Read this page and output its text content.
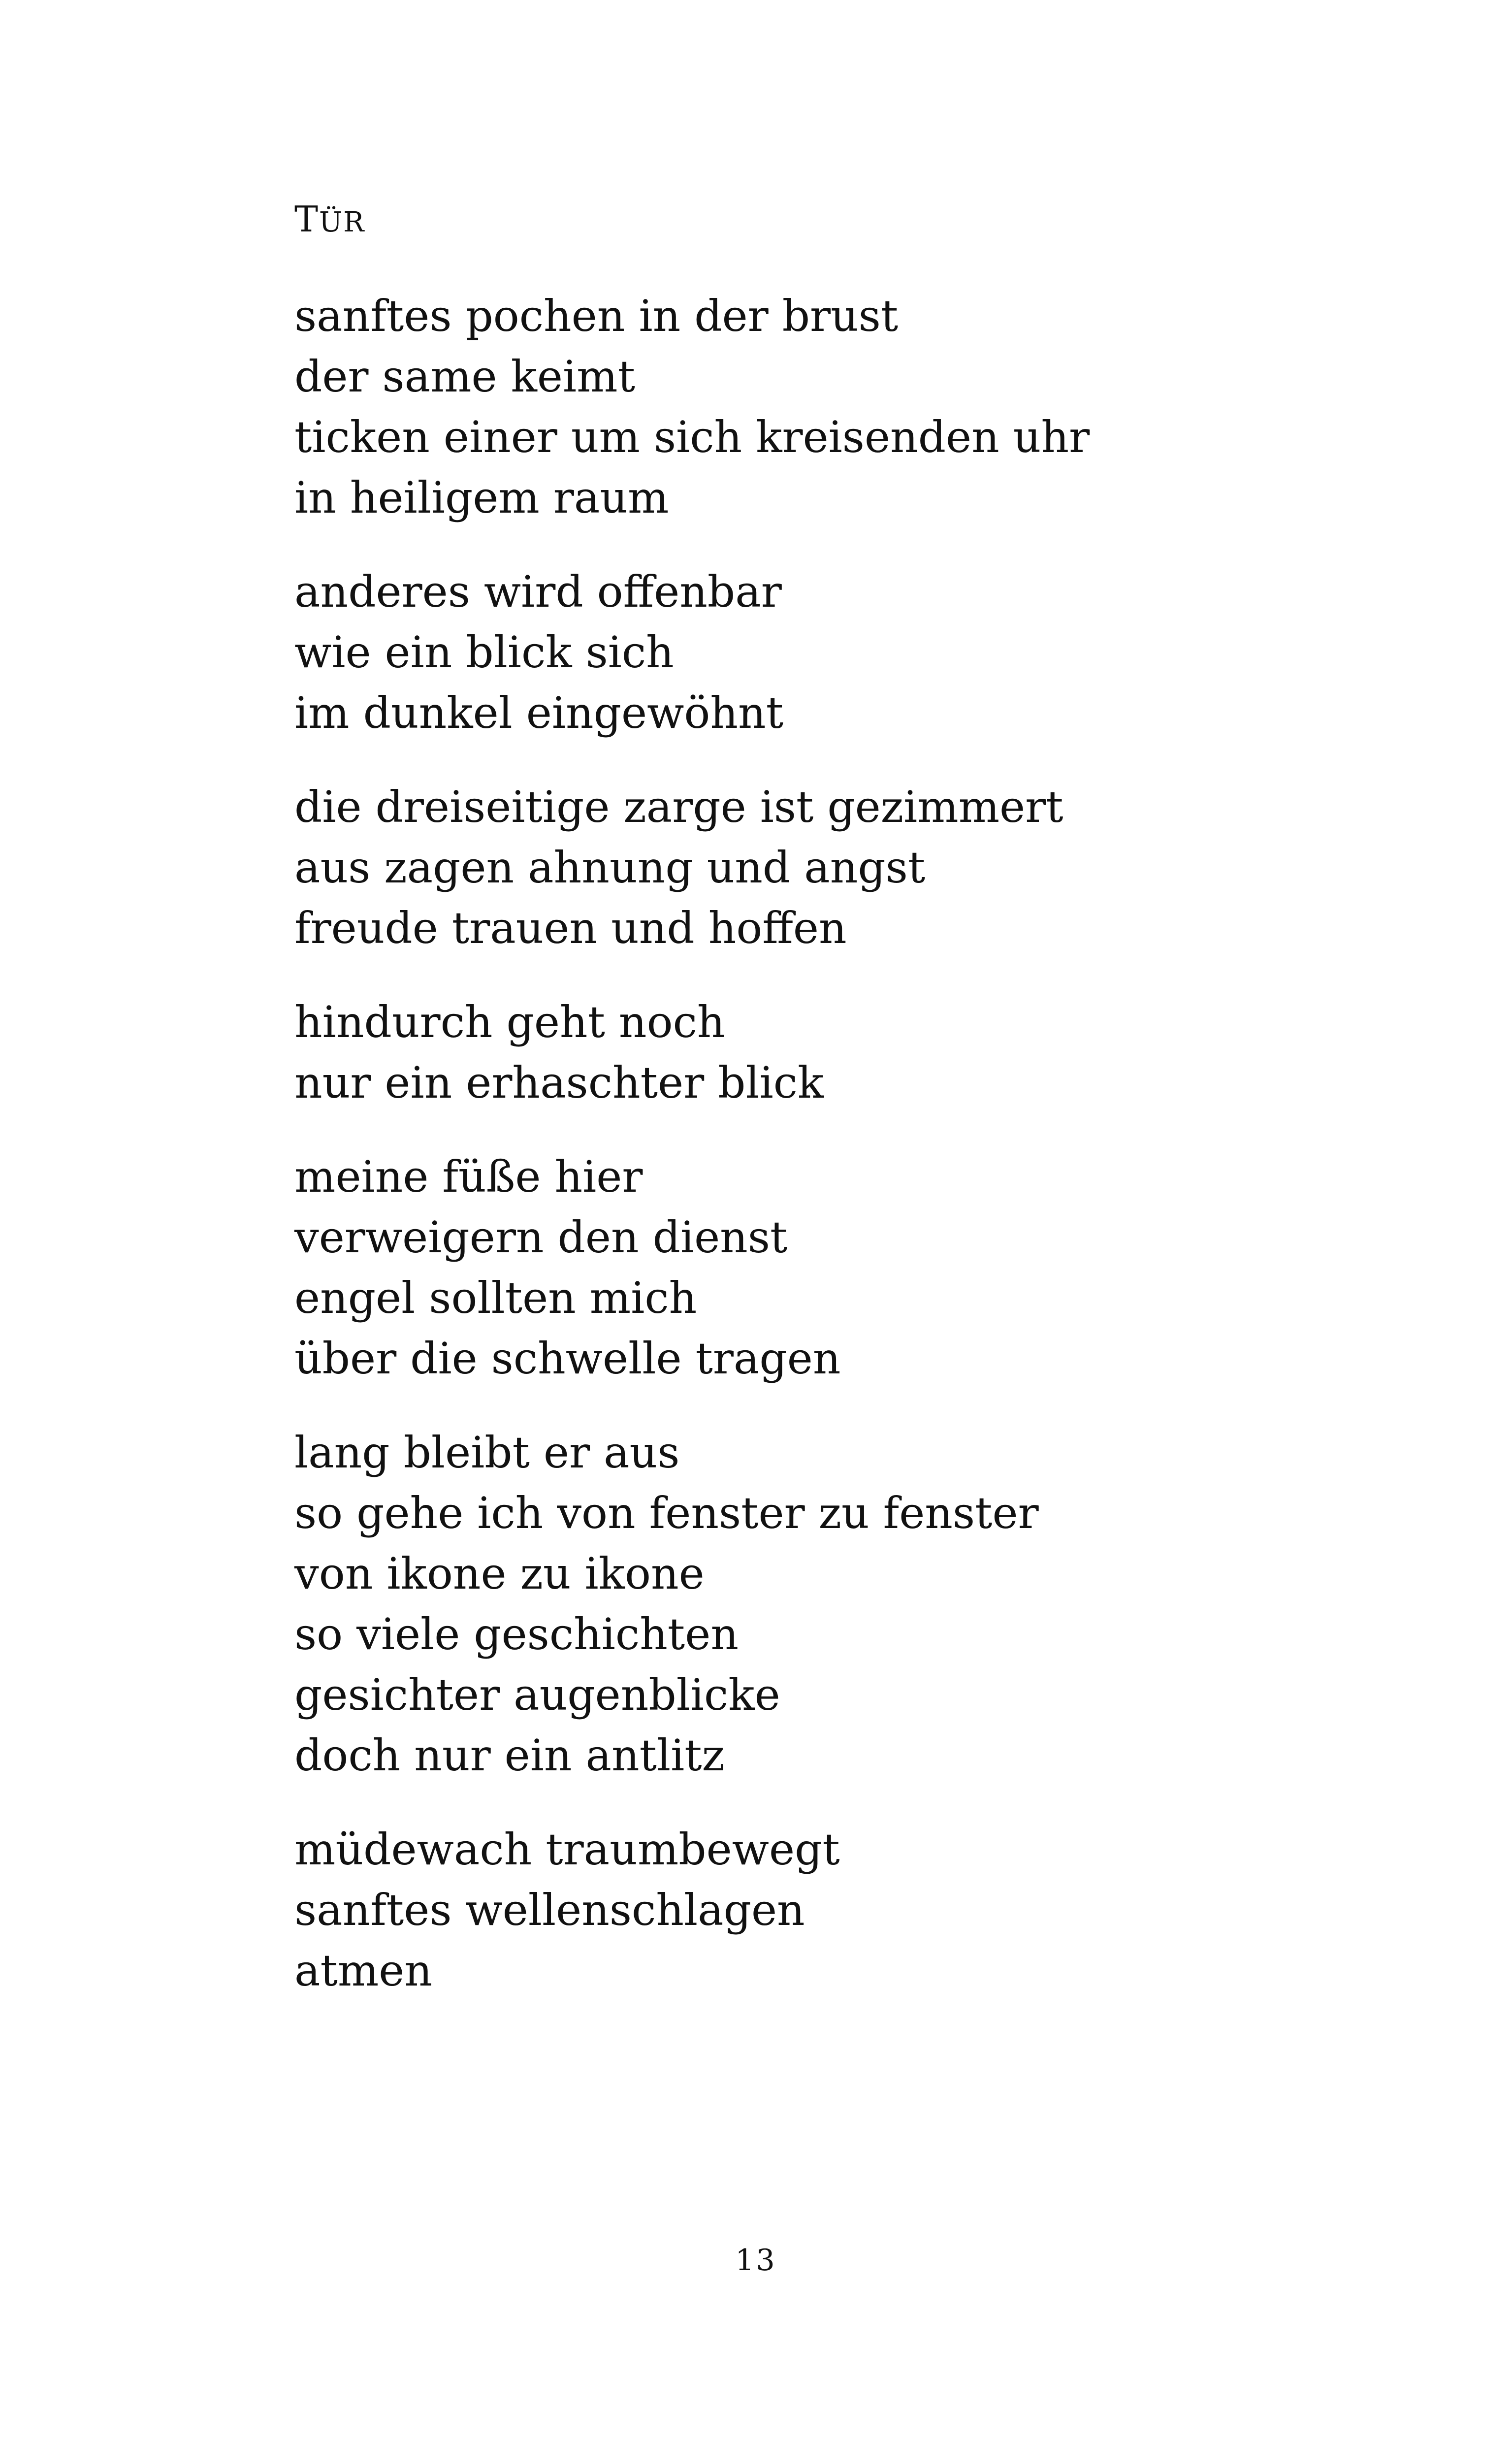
TÜR
sanftes pochen in der brust
der same keimt
ticken einer um sich kreisenden uhr
in heiligem raum
anderes wird offenbar
wie ein blick sich
im dunkel eingewöhnt
die dreiseitige zarge ist gezimmert
aus zagen ahnung und angst
freude trauen und hoffen
hindurch geht noch
nur ein erhaschter blick
meine füße hier
verweigern den dienst
engel sollten mich
über die schwelle tragen
lang bleibt er aus
so gehe ich von fenster zu fenster
von ikone zu ikone
so viele geschichten
gesichter augenblicke
doch nur ein antlitz
müdewach traumbewegt
sanftes wellenschlagen
atmen
13
